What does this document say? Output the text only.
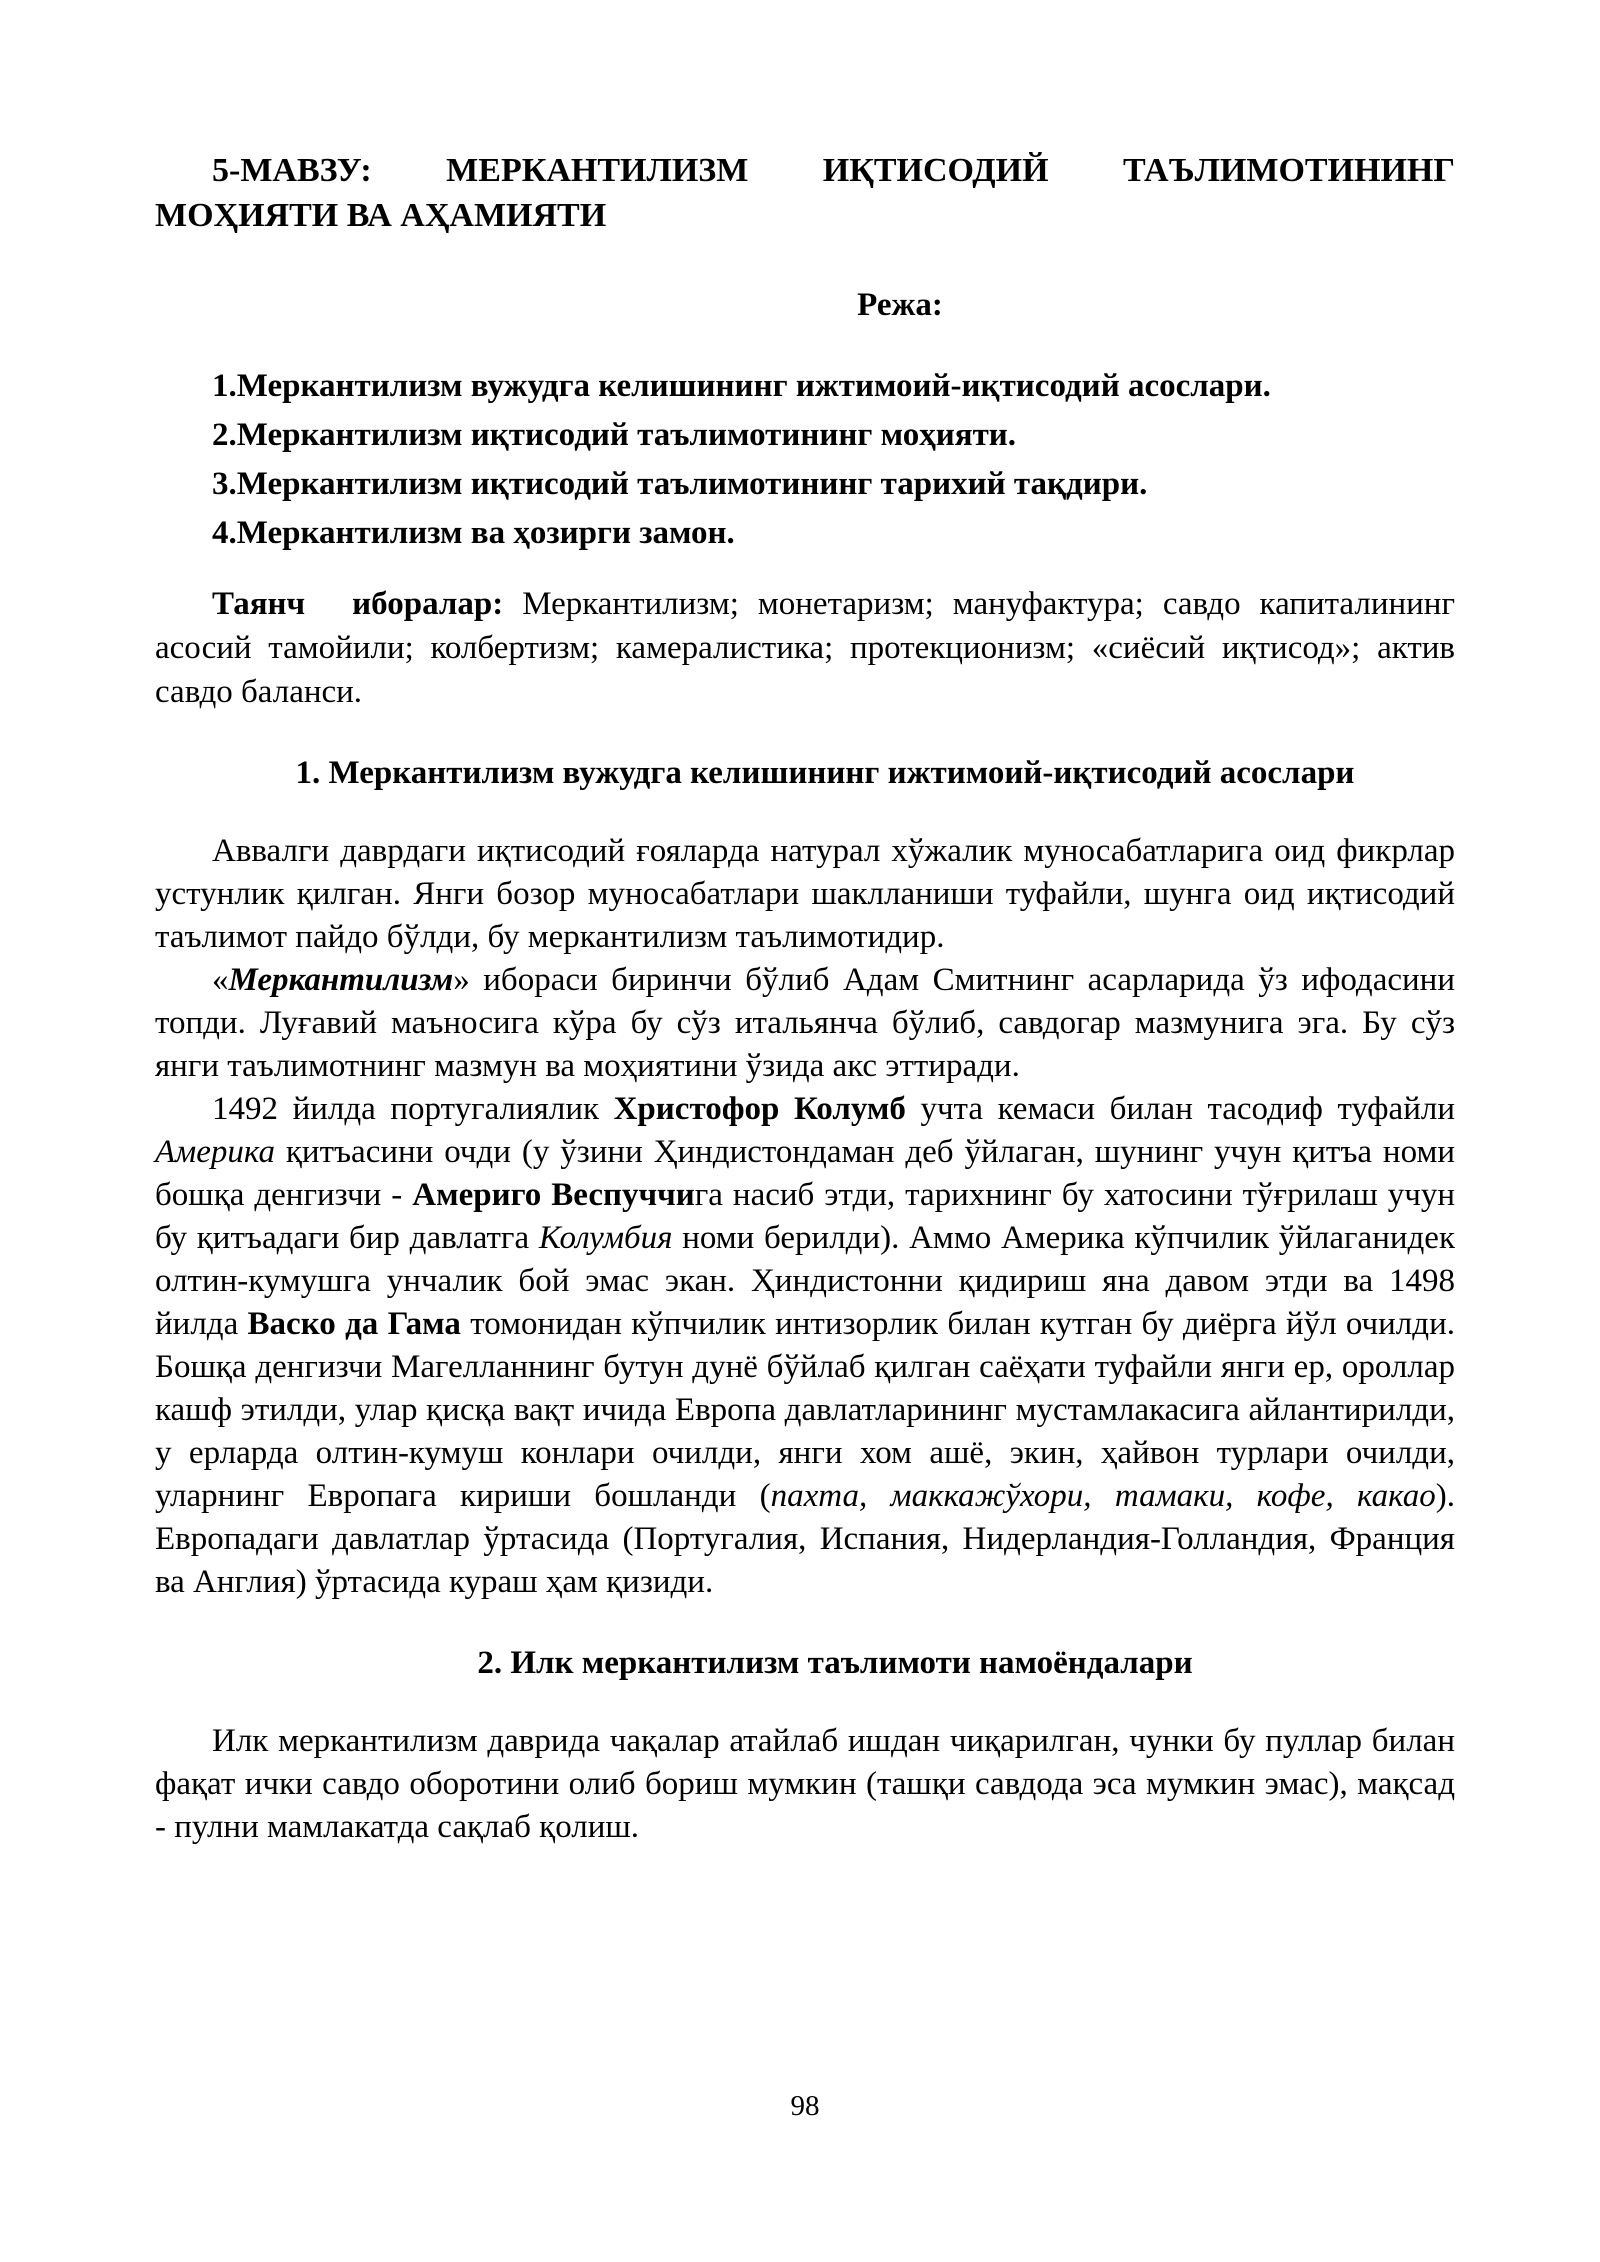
5-МАВЗУ: МЕРКАНТИЛИЗМ ИҚТИСОДИЙ ТАЪЛИМОТИНИНГ
МОҲИЯТИ ВА АҲАМИЯТИ
Режа:
1.Меркантилизм вужудга келишининг ижтимоий-иқтисодий асослари.
2.Меркантилизм иқтисодий таълимотининг моҳияти.
3.Меркантилизм иқтисодий таълимотининг тарихий тақдири.
4.Меркантилизм ва ҳозирги замон.

Таянч иборалар: Меркантилизм; монетаризм; мануфактура; савдо капиталининг асосий тамойили; колбертизм; камералистика; протекционизм; «сиёсий иқтисод»; актив савдо баланси.

1. Меркантилизм вужудга келишининг ижтимоий-иқтисодий асослари

Аввалги даврдаги иқтисодий ғояларда натурал хўжалик муносабатларига оид фикрлар устунлик қилган. Янги бозор муносабатлари шаклланиши туфайли, шунга оид иқтисодий таълимот пайдо бўлди, бу меркантилизм таълимотидир.

«Меркантилизм» ибораси биринчи бўлиб Адам Смитнинг асарларида ўз ифодасини топди. Луғавий маъносига кўра бу сўз итальянча бўлиб, савдогар мазмунига эга. Бу сўз янги таълимотнинг мазмун ва моҳиятини ўзида акс эттиради.

1492 йилда португалиялик Христофор Колумб учта кемаси билан тасодиф туфайли Америка қитъасини очди (у ўзини Ҳиндистондаман деб ўйлаган, шунинг учун қитъа номи бошқа денгизчи - Америго Веспуччига насиб этди, тарихнинг бу хатосини тўғрилаш учун бу қитъадаги бир давлатга Колумбия номи берилди). Аммо Америка кўпчилик ўйлаганидек олтин-кумушга унчалик бой эмас экан. Ҳиндистонни қидириш яна давом этди ва 1498 йилда Васко да Гама томонидан кўпчилик интизорлик билан кутган бу диёрга йўл очилди. Бошқа денгизчи Магелланнинг бутун дунё бўйлаб қилган саёҳати туфайли янги ер, ороллар кашф этилди, улар қисқа вақт ичида Европа давлатларининг мустамлакасига айлантирилди, у ерларда олтин-кумуш конлари очилди, янги хом ашё, экин, ҳайвон турлари очилди, уларнинг Европага кириши бошланди (пахта, маккажўхори, тамаки, кофе, какао). Европадаги давлатлар ўртасида (Португалия, Испания, Нидерландия-Голландия, Франция ва Англия) ўртасида кураш ҳам қизиди.

2. Илк меркантилизм таълимоти намоёндалари

Илк меркантилизм даврида чақалар атайлаб ишдан чиқарилган, чунки бу пуллар билан фақат ички савдо оборотини олиб бориш мумкин (ташқи савдода эса мумкин эмас), мақсад - пулни мамлакатда сақлаб қолиш.

98
